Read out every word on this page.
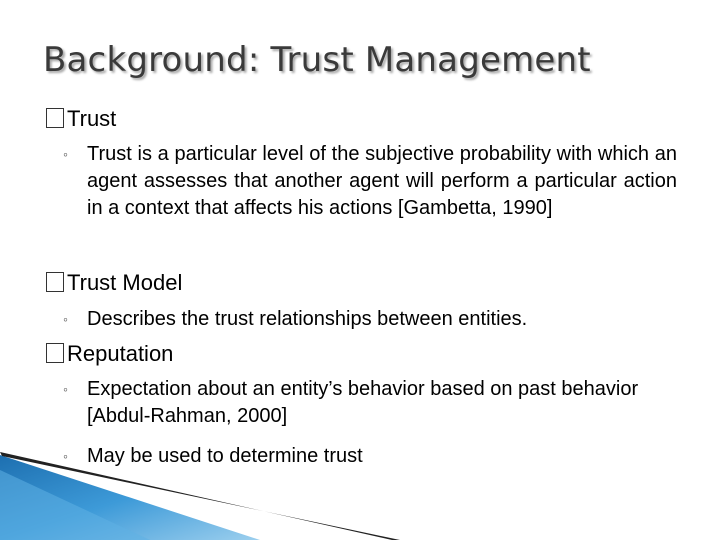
Background: Trust Management
Trust
◦ Trust is a particular level of the subjective probability with which an agent assesses that another agent will perform a particular action in a context that affects his actions [Gambetta, 1990]
Trust Model
◦ Describes the trust relationships between entities.
Reputation
◦ Expectation about an entity’s behavior based on past behavior [Abdul-Rahman, 2000]
◦ May be used to determine trust
